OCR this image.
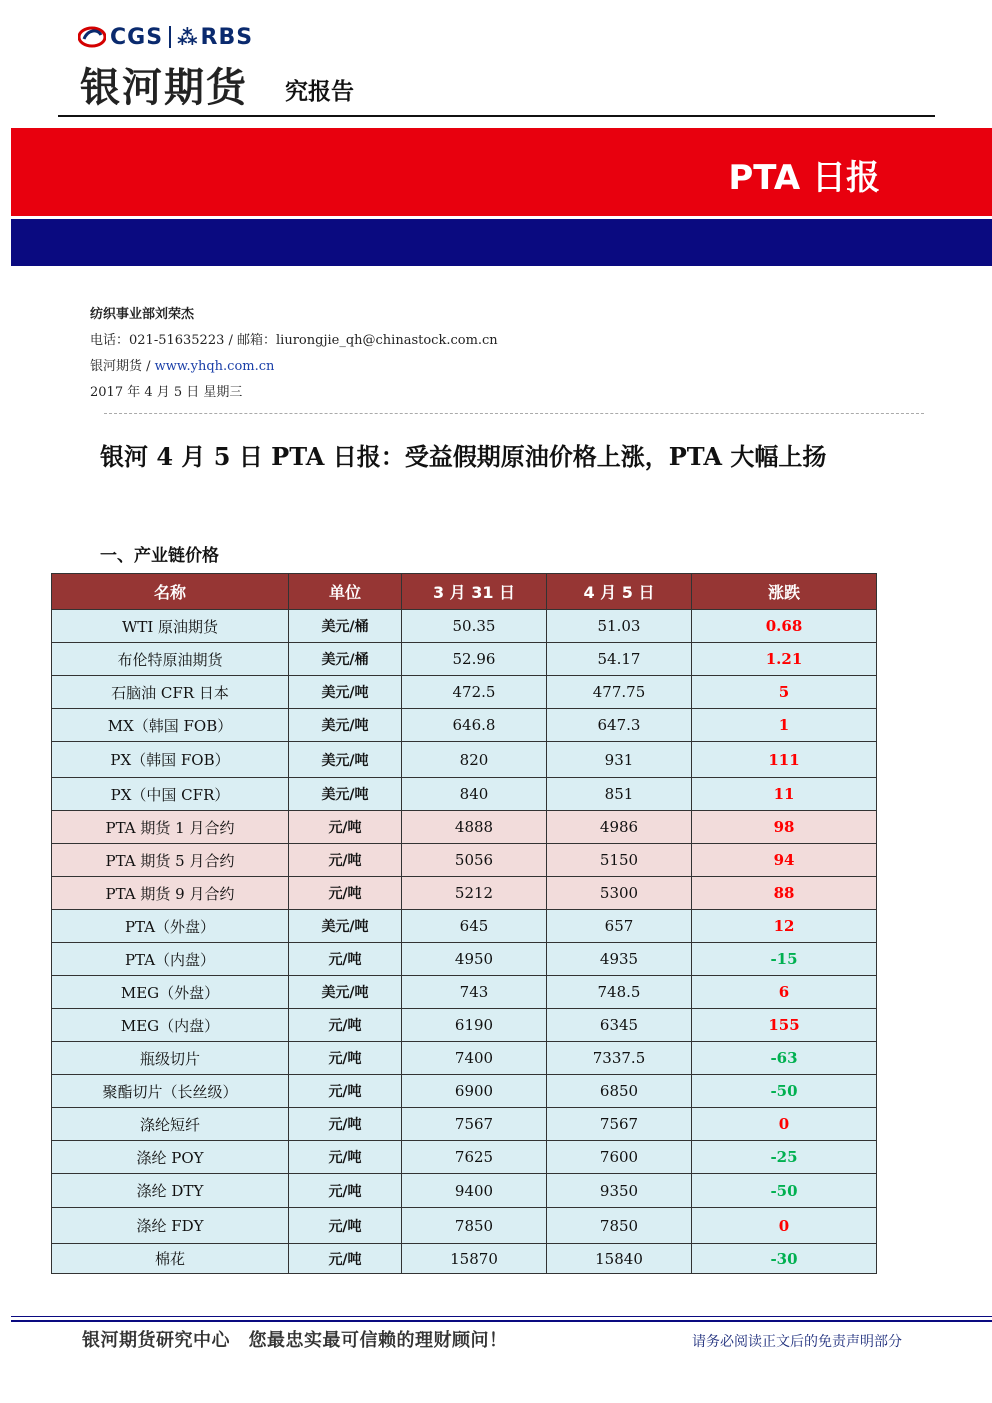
CGS ⁂ RBS
银河期货 究报告
PTA 日报
纺织事业部刘荣杰
电话：021-51635223 / 邮箱：liurongjie_qh@chinastock.com.cn
银河期货 / www.yhqh.com.cn
2017 年 4 月 5 日 星期三
银河 4 月 5 日 PTA 日报：受益假期原油价格上涨，PTA 大幅上扬
一、产业链价格
名称	单位	3 月 31 日	4 月 5 日	涨跌
WTI 原油期货	美元/桶	50.35	51.03	0.68
布伦特原油期货	美元/桶	52.96	54.17	1.21
石脑油 CFR 日本	美元/吨	472.5	477.75	5
MX（韩国 FOB）	美元/吨	646.8	647.3	1
PX（韩国 FOB）	美元/吨	820	931	111
PX（中国 CFR）	美元/吨	840	851	11
PTA 期货 1 月合约	元/吨	4888	4986	98
PTA 期货 5 月合约	元/吨	5056	5150	94
PTA 期货 9 月合约	元/吨	5212	5300	88
PTA（外盘）	美元/吨	645	657	12
PTA（内盘）	元/吨	4950	4935	-15
MEG（外盘）	美元/吨	743	748.5	6
MEG（内盘）	元/吨	6190	6345	155
瓶级切片	元/吨	7400	7337.5	-63
聚酯切片（长丝级）	元/吨	6900	6850	-50
涤纶短纤	元/吨	7567	7567	0
涤纶 POY	元/吨	7625	7600	-25
涤纶 DTY	元/吨	9400	9350	-50
涤纶 FDY	元/吨	7850	7850	0
棉花	元/吨	15870	15840	-30
银河期货研究中心　您最忠实最可信赖的理财顾问！	请务必阅读正文后的免责声明部分
